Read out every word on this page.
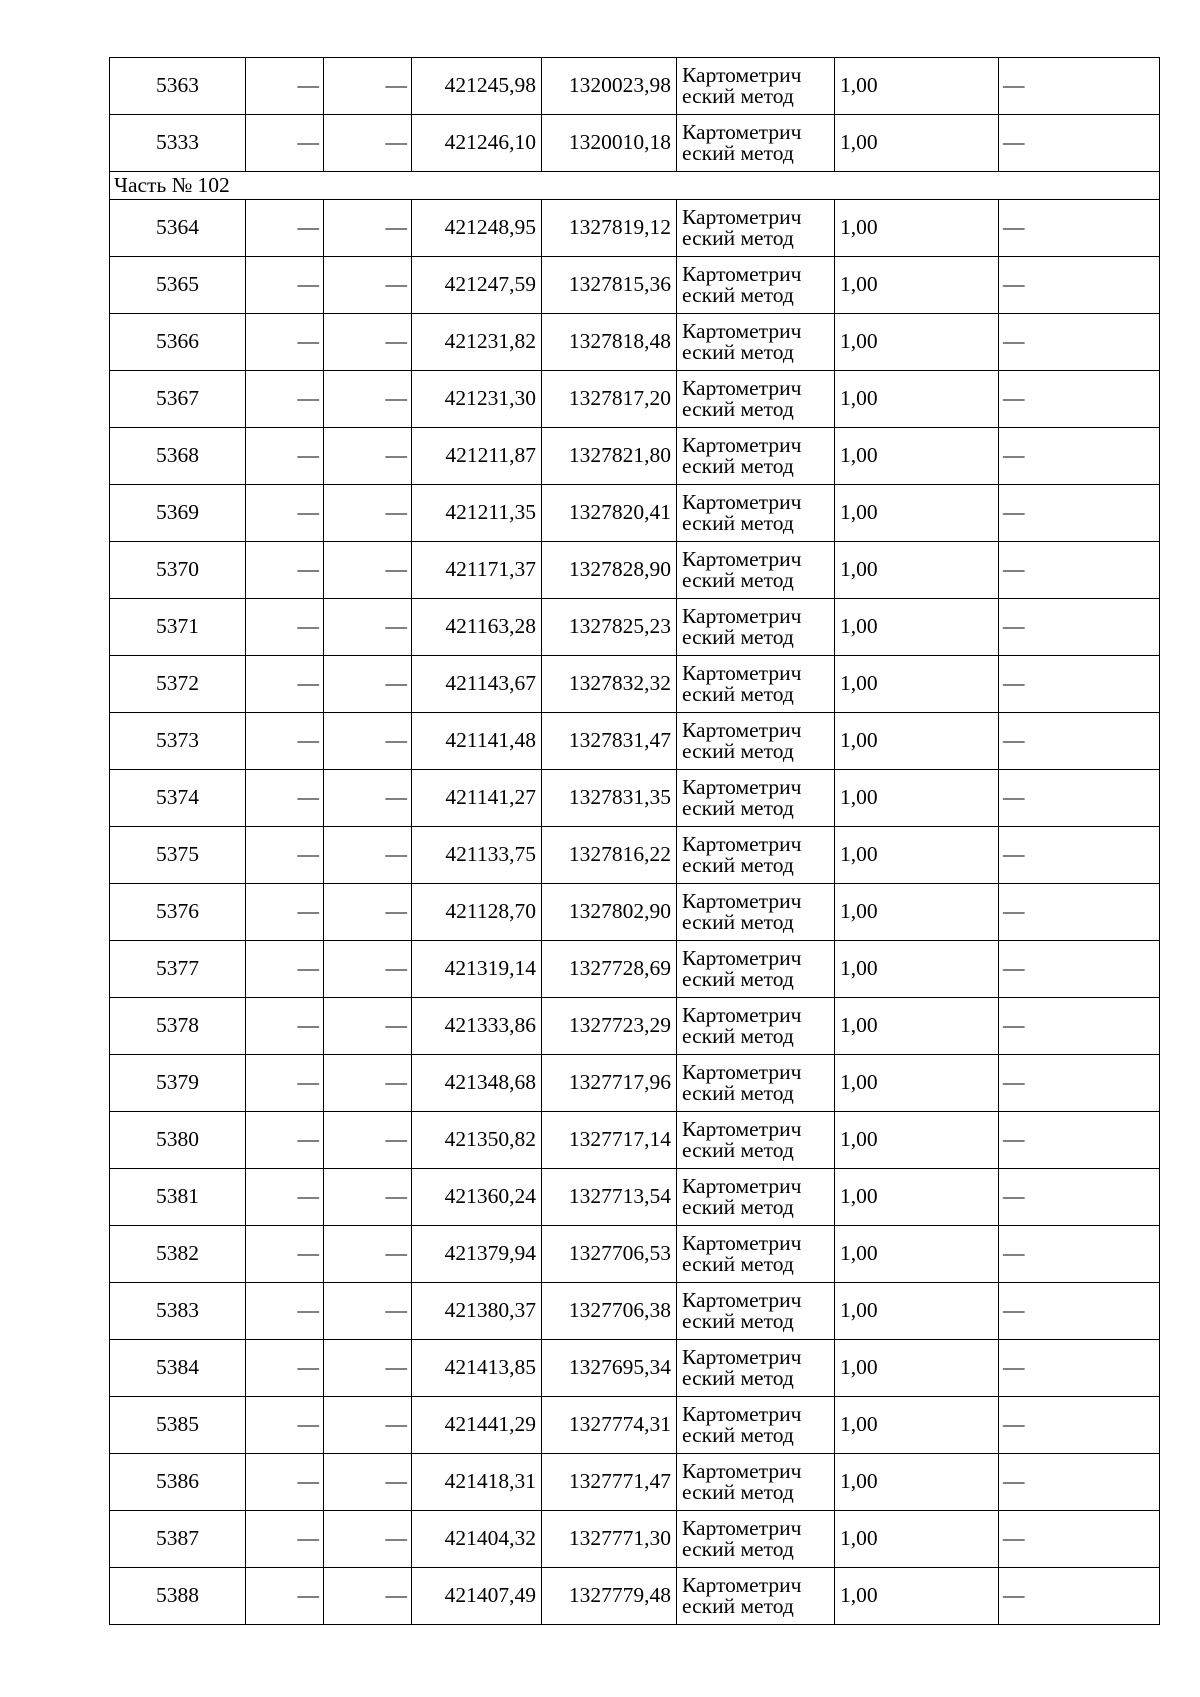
5363	—	—	421245,98	1320023,98	Картометрич
еский метод	1,00	—
5333	—	—	421246,10	1320010,18	Картометрич
еский метод	1,00	—
Часть № 102							
5364	—	—	421248,95	1327819,12	Картометрич
еский метод	1,00	—
5365	—	—	421247,59	1327815,36	Картометрич
еский метод	1,00	—
5366	—	—	421231,82	1327818,48	Картометрич
еский метод	1,00	—
5367	—	—	421231,30	1327817,20	Картометрич
еский метод	1,00	—
5368	—	—	421211,87	1327821,80	Картометрич
еский метод	1,00	—
5369	—	—	421211,35	1327820,41	Картометрич
еский метод	1,00	—
5370	—	—	421171,37	1327828,90	Картометрич
еский метод	1,00	—
5371	—	—	421163,28	1327825,23	Картометрич
еский метод	1,00	—
5372	—	—	421143,67	1327832,32	Картометрич
еский метод	1,00	—
5373	—	—	421141,48	1327831,47	Картометрич
еский метод	1,00	—
5374	—	—	421141,27	1327831,35	Картометрич
еский метод	1,00	—
5375	—	—	421133,75	1327816,22	Картометрич
еский метод	1,00	—
5376	—	—	421128,70	1327802,90	Картометрич
еский метод	1,00	—
5377	—	—	421319,14	1327728,69	Картометрич
еский метод	1,00	—
5378	—	—	421333,86	1327723,29	Картометрич
еский метод	1,00	—
5379	—	—	421348,68	1327717,96	Картометрич
еский метод	1,00	—
5380	—	—	421350,82	1327717,14	Картометрич
еский метод	1,00	—
5381	—	—	421360,24	1327713,54	Картометрич
еский метод	1,00	—
5382	—	—	421379,94	1327706,53	Картометрич
еский метод	1,00	—
5383	—	—	421380,37	1327706,38	Картометрич
еский метод	1,00	—
5384	—	—	421413,85	1327695,34	Картометрич
еский метод	1,00	—
5385	—	—	421441,29	1327774,31	Картометрич
еский метод	1,00	—
5386	—	—	421418,31	1327771,47	Картометрич
еский метод	1,00	—
5387	—	—	421404,32	1327771,30	Картометрич
еский метод	1,00	—
5388	—	—	421407,49	1327779,48	Картометрич
еский метод	1,00	—
